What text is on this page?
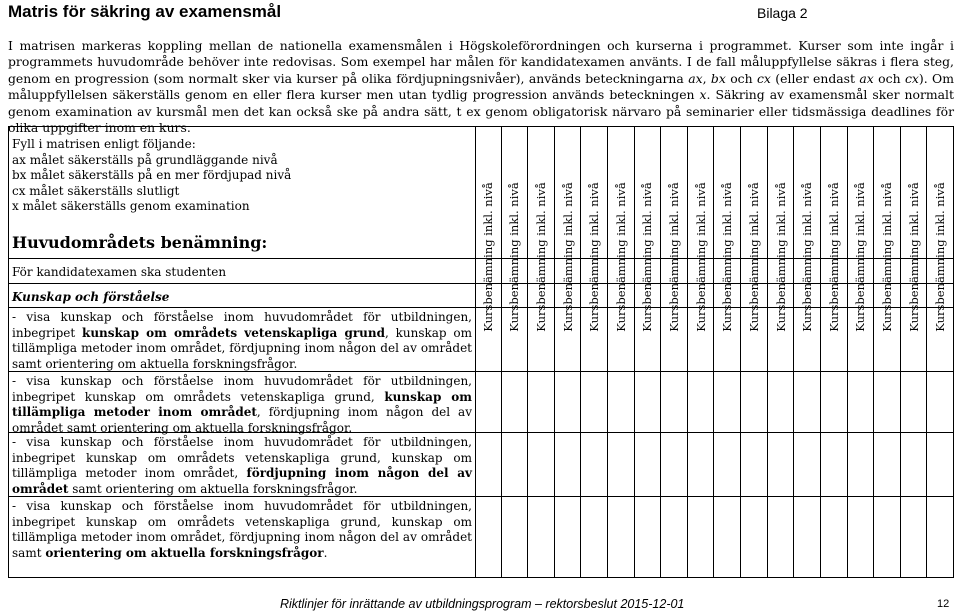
Matris för säkring av examensmål	Bilaga 2

I matrisen markeras koppling mellan de nationella examensmålen i Högskoleförordningen och kurserna i programmet. Kurser som inte ingår i programmets huvudområde behöver inte redovisas. Som exempel har målen för kandidatexamen använts. I de fall måluppfyllelse säkras i flera steg, genom en progression (som normalt sker via kurser på olika fördjupningsnivåer), används beteckningarna ax, bx och cx (eller endast ax och cx). Om måluppfyllelsen säkerställs genom en eller flera kurser men utan tydlig progression används beteckningen x. Säkring av examensmål sker normalt genom examination av kursmål men det kan också ske på andra sätt, t ex genom obligatorisk närvaro på seminarier eller tidsmässiga deadlines för olika uppgifter inom en kurs.

Fyll i matrisen enligt följande:
ax målet säkerställs på grundläggande nivå
bx målet säkerställs på en mer fördjupad nivå
cx målet säkerställs slutligt
x målet säkerställs genom examination
Huvudområdets benämning:
För kandidatexamen ska studenten
Kunskap och förståelse

- visa kunskap och förståelse inom huvudområdet för utbildningen, inbegripet kunskap om områdets vetenskapliga grund, kunskap om tillämpliga metoder inom området, fördjupning inom någon del av området samt orientering om aktuella forskningsfrågor.

- visa kunskap och förståelse inom huvudområdet för utbildningen, inbegripet kunskap om områdets vetenskapliga grund, kunskap om tillämpliga metoder inom området, fördjupning inom någon del av området samt orientering om aktuella forskningsfrågor.

- visa kunskap och förståelse inom huvudområdet för utbildningen, inbegripet kunskap om områdets vetenskapliga grund, kunskap om tillämpliga metoder inom området, fördjupning inom någon del av området samt orientering om aktuella forskningsfrågor.

- visa kunskap och förståelse inom huvudområdet för utbildningen, inbegripet kunskap om områdets vetenskapliga grund, kunskap om tillämpliga metoder inom området, fördjupning inom någon del av området samt orientering om aktuella forskningsfrågor.

Kursbenämning inkl. nivå Kursbenämning inkl. nivå Kursbenämning inkl. nivå Kursbenämning inkl. nivå Kursbenämning inkl. nivå Kursbenämning inkl. nivå Kursbenämning inkl. nivå Kursbenämning inkl. nivå Kursbenämning inkl. nivå Kursbenämning inkl. nivå Kursbenämning inkl. nivå Kursbenämning inkl. nivå Kursbenämning inkl. nivå Kursbenämning inkl. nivå Kursbenämning inkl. nivå Kursbenämning inkl. nivå Kursbenämning inkl. nivå Kursbenämning inkl. nivå
Riktlinjer för inrättande av utbildningsprogram – rektorsbeslut 2015-12-01	12
